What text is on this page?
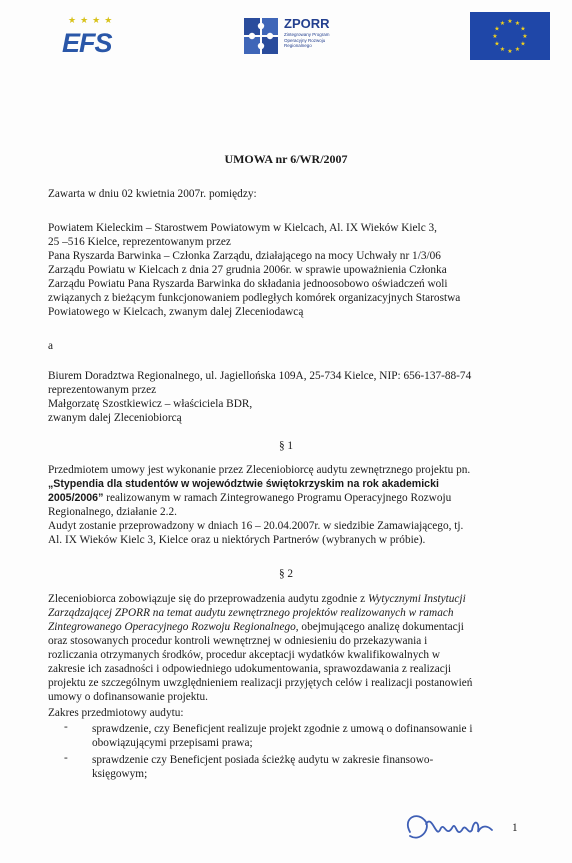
★★★★
EFS
ZPORR
Zintegrowany Program Operacyjny Rozwoju Regionalnego
★
★
★
★
★
★
★
★
★ ★ ★
★
UMOWA nr 6/WR/2007

Zawarta w dniu 02 kwietnia 2007r. pomiędzy:

Powiatem Kieleckim – Starostwem Powiatowym w Kielcach, Al. IX Wieków Kielc 3,

25 –516 Kielce, reprezentowanym przez

Pana Ryszarda Barwinka – Członka Zarządu, działającego na mocy Uchwały nr 1/3/06

Zarządu Powiatu w Kielcach z dnia 27 grudnia 2006r. w sprawie upoważnienia Członka

Zarządu Powiatu Pana Ryszarda Barwinka do składania jednoosobowo oświadczeń woli

związanych z bieżącym funkcjonowaniem podległych komórek organizacyjnych Starostwa

Powiatowego w Kielcach, zwanym dalej Zleceniodawcą

a

Biurem Doradztwa Regionalnego, ul. Jagiellońska 109A, 25-734 Kielce, NIP: 656-137-88-74

reprezentowanym przez

Małgorzatę Szostkiewicz – właściciela BDR,

zwanym dalej Zleceniobiorcą

§ 1

Przedmiotem umowy jest wykonanie przez Zleceniobiorcę audytu zewnętrznego projektu pn.

„Stypendia dla studentów w województwie świętokrzyskim na rok akademicki

2005/2006” realizowanym w ramach Zintegrowanego Programu Operacyjnego Rozwoju

Regionalnego, działanie 2.2.

Audyt zostanie przeprowadzony w dniach 16 – 20.04.2007r. w siedzibie Zamawiającego, tj.

Al. IX Wieków Kielc 3, Kielce oraz u niektórych Partnerów (wybranych w próbie).

§ 2

Zleceniobiorca zobowiązuje się do przeprowadzenia audytu zgodnie z Wytycznymi Instytucji

Zarządzającej ZPORR na temat audytu zewnętrznego projektów realizowanych w ramach

Zintegrowanego Operacyjnego Rozwoju Regionalnego, obejmującego analizę dokumentacji

oraz stosowanych procedur kontroli wewnętrznej w odniesieniu do przekazywania i

rozliczania otrzymanych środków, procedur akceptacji wydatków kwalifikowalnych w

zakresie ich zasadności i odpowiedniego udokumentowania, sprawozdawania z realizacji

projektu ze szczególnym uwzględnieniem realizacji przyjętych celów i realizacji postanowień

umowy o dofinansowanie projektu.

Zakres przedmiotowy audytu:

- sprawdzenie, czy Beneficjent realizuje projekt zgodnie z umową o dofinansowanie i

obowiązującymi przepisami prawa;

- sprawdzenie czy Beneficjent posiada ścieżkę audytu w zakresie finansowo-

księgowym;

1
